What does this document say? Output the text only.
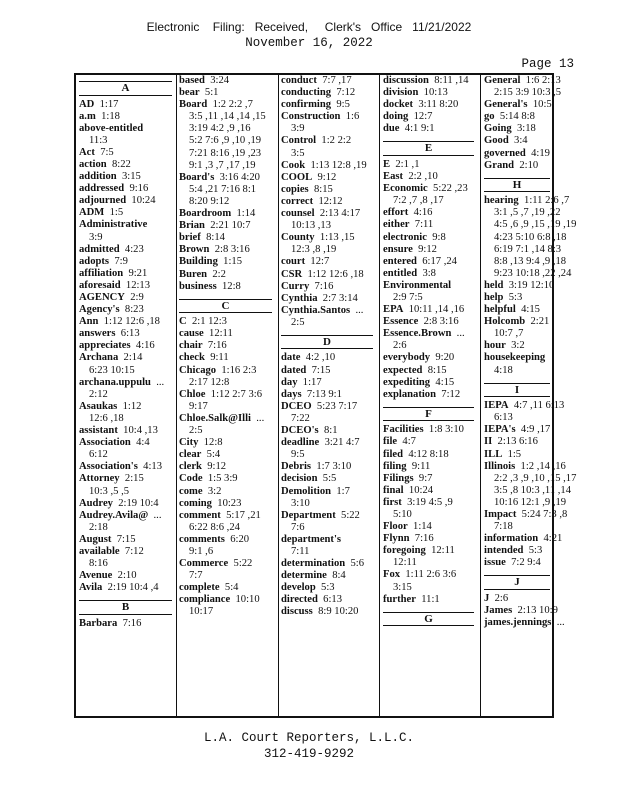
Electronic    Filing:   Received,     Clerk's   Office   11/21/2022
November 16, 2022
Page 13
A
AD 1:17
a.m 1:18
above-entitled
11:3
Act 7:5
action 8:22
addition 3:15
addressed 9:16
adjourned 10:24
ADM 1:5
Administrative
3:9
admitted 4:23
adopts 7:9
affiliation 9:21
aforesaid 12:13
AGENCY 2:9
Agency's 8:23
Ann 1:12 12:6 ,18
answers 6:13
appreciates 4:16
Archana 2:14
6:23 10:15
archana.uppulu ...
2:12
Asaukas 1:12
12:6 ,18
assistant 10:4 ,13
Association 4:4
6:12
Association's 4:13
Attorney 2:15
10:3 ,5 ,5
Audrey 2:19 10:4
Audrey.Avila@ ...
2:18
August 7:15
available 7:12
8:16
Avenue 2:10
Avila 2:19 10:4 ,4
B
Barbara 7:16
based 3:24
bear 5:1
Board 1:2 2:2 ,7
3:5 ,11 ,14 ,14 ,15
3:19 4:2 ,9 ,16
5:2 7:6 ,9 ,10 ,19
7:21 8:16 ,19 ,23
9:1 ,3 ,7 ,17 ,19
Board's 3:16 4:20
5:4 ,21 7:16 8:1
8:20 9:12
Boardroom 1:14
Brian 2:21 10:7
brief 8:14
Brown 2:8 3:16
Building 1:15
Buren 2:2
business 12:8
C
C 2:1 12:3
cause 12:11
chair 7:16
check 9:11
Chicago 1:16 2:3
2:17 12:8
Chloe 1:12 2:7 3:6
9:17
Chloe.Salk@Illi ...
2:5
City 12:8
clear 5:4
clerk 9:12
Code 1:5 3:9
come 3:2
coming 10:23
comment 5:17 ,21
6:22 8:6 ,24
comments 6:20
9:1 ,6
Commerce 5:22
7:7
complete 5:4
compliance 10:10
10:17
conduct 7:7 ,17
conducting 7:12
confirming 9:5
Construction 1:6
3:9
Control 1:2 2:2
3:5
Cook 1:13 12:8 ,19
COOL 9:12
copies 8:15
correct 12:12
counsel 2:13 4:17
10:13 ,13
County 1:13 ,15
12:3 ,8 ,19
court 12:7
CSR 1:12 12:6 ,18
Curry 7:16
Cynthia 2:7 3:14
Cynthia.Santos ...
2:5
D
date 4:2 ,10
dated 7:15
day 1:17
days 7:13 9:1
DCEO 5:23 7:17
7:22
DCEO's 8:1
deadline 3:21 4:7
9:5
Debris 1:7 3:10
decision 5:5
Demolition 1:7
3:10
Department 5:22
7:6
department's
7:11
determination 5:6
determine 8:4
develop 5:3
directed 6:13
discuss 8:9 10:20
discussion 8:11 ,14
division 10:13
docket 3:11 8:20
doing 12:7
due 4:1 9:1
E
E 2:1 ,1
East 2:2 ,10
Economic 5:22 ,23
7:2 ,7 ,8 ,17
effort 4:16
either 7:11
electronic 9:8
ensure 9:12
entered 6:17 ,24
entitled 3:8
Environmental
2:9 7:5
EPA 10:11 ,14 ,16
Essence 2:8 3:16
Essence.Brown ...
2:6
everybody 9:20
expected 8:15
expediting 4:15
explanation 7:12
F
Facilities 1:8 3:10
file 4:7
filed 4:12 8:18
filing 9:11
Filings 9:7
final 10:24
first 3:19 4:5 ,9
5:10
Floor 1:14
Flynn 7:16
foregoing 12:11
12:11
Fox 1:11 2:6 3:6
3:15
further 11:1
G
General 1:6 2:13
2:15 3:9 10:3 ,5
General's 10:5
go 5:14 8:8
Going 3:18
Good 3:4
governed 4:19
Grand 2:10
H
hearing 1:11 2:6 ,7
3:1 ,5 ,7 ,19 ,22
4:5 ,6 ,9 ,15 ,19 ,19
4:23 5:10 6:8 ,18
6:19 7:1 ,14 8:3
8:8 ,13 9:4 ,9 ,18
9:23 10:18 ,22 ,24
held 3:19 12:10
help 5:3
helpful 4:15
Holcomb 2:21
10:7 ,7
hour 3:2
housekeeping
4:18
I
IEPA 4:7 ,11 6:13
6:13
IEPA's 4:9 ,17
II 2:13 6:16
ILL 1:5
Illinois 1:2 ,14 ,16
2:2 ,3 ,9 ,10 ,15 ,17
3:5 ,8 10:3 ,11 ,14
10:16 12:1 ,9 ,19
Impact 5:24 7:3 ,8
7:18
information 4:21
intended 5:3
issue 7:2 9:4
J
J 2:6
James 2:13 10:9
james.jennings ...
L.A. Court Reporters, L.L.C.
312-419-9292
